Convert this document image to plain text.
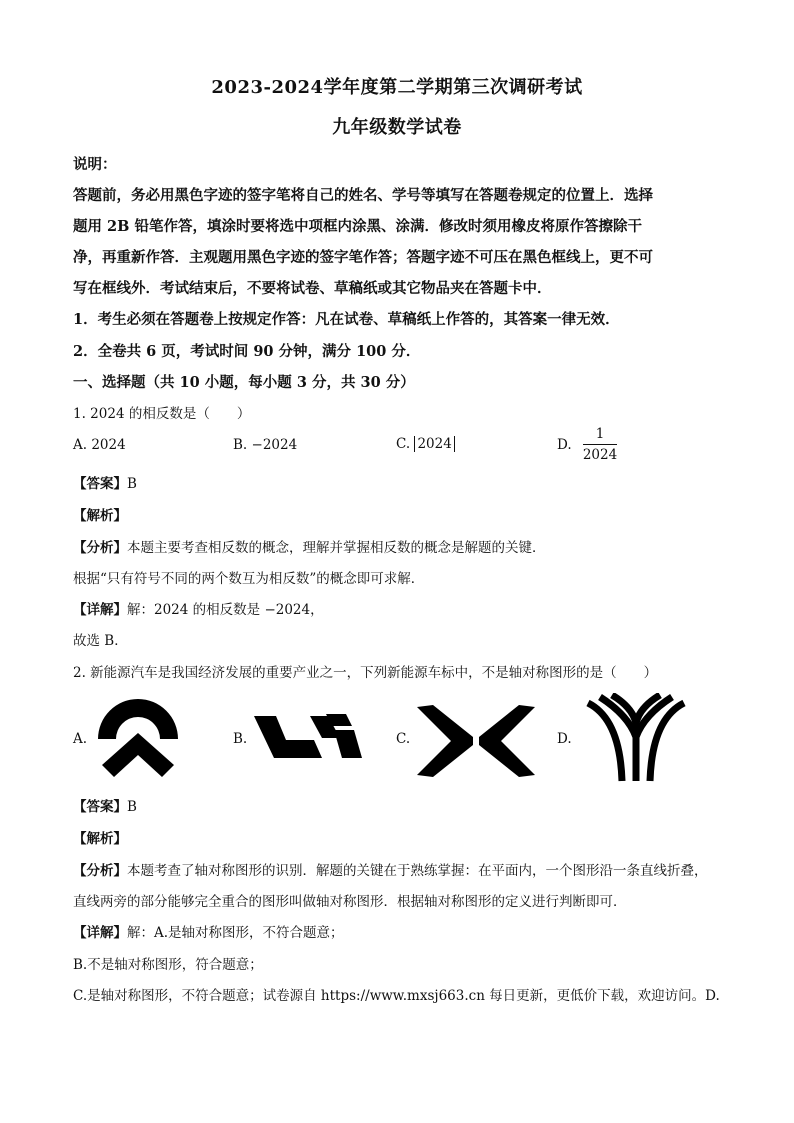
2023-2024学年度第二学期第三次调研考试
九年级数学试卷
说明：
答题前，务必用黑色字迹的签字笔将自己的姓名、学号等填写在答题卷规定的位置上．选择
题用 2B 铅笔作答，填涂时要将选中项框内涂黑、涂满．修改时须用橡皮将原作答擦除干
净，再重新作答．主观题用黑色字迹的签字笔作答；答题字迹不可压在黑色框线上，更不可
写在框线外．考试结束后，不要将试卷、草稿纸或其它物品夹在答题卡中．
1．考生必须在答题卷上按规定作答：凡在试卷、草稿纸上作答的，其答案一律无效．
2．全卷共 6 页，考试时间 90 分钟，满分 100 分．
一、选择题（共 10 小题，每小题 3 分，共 30 分）
1. 2024 的相反数是（　　）
A. 2024	B. −2024	C. 2024	D.
1
2024
【答案】B
【解析】
【分析】本题主要考查相反数的概念，理解并掌握相反数的概念是解题的关键．
根据“只有符号不同的两个数互为相反数”的概念即可求解．
【详解】解：2024 的相反数是 −2024，
故选 B．
2. 新能源汽车是我国经济发展的重要产业之一，下列新能源车标中，不是轴对称图形的是（　　）
A.	B.	C.	D.
【答案】B
【解析】
【分析】本题考查了轴对称图形的识别．解题的关键在于熟练掌握：在平面内，一个图形沿一条直线折叠，
直线两旁的部分能够完全重合的图形叫做轴对称图形．根据轴对称图形的定义进行判断即可．
【详解】解：A.是轴对称图形，不符合题意；
B.不是轴对称图形，符合题意；
C.是轴对称图形，不符合题意；试卷源自 https://www.mxsj663.cn 每日更新，更低价下载，欢迎访问。D.
